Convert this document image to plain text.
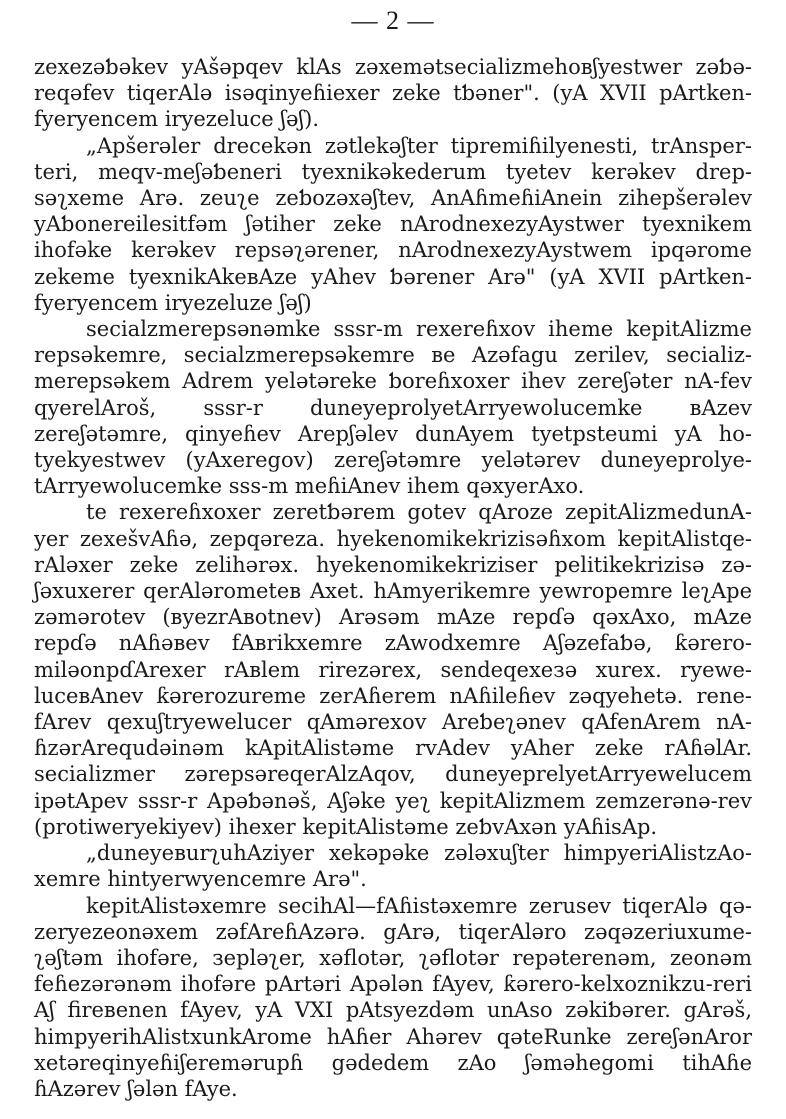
— 2 —

zexezəƅəkev yAšəpqev klAs zəxemətsecializmehoвʃyestwer zəƅə-reqəfev tiqerAlə isəqinyeɦiexer zeke tƅəner". (yA XVII pArtken-fyeryencem iryezeluce ʃəʃ).

„Apšerəler drecekən zətlekəʃter tipremiɦilyenesti, trAnsper-teri, meqv-meʃəƅeneri tyexnikəkederum tyetev kerəkev drep-səʅxeme Arə. zeuʅe zeƅozəxəʃtev, AnAɦmeɦiAnein zihepšerəlev yAƅonereilesitfəm ʃətiher zeke nArodnexezyAystwer tyexnikem ihofəke kerəkev repsəʅərener, nArodnexezyAystwem ipqərome zekeme tyexnikAkeвAze yAhev ƅərener Arə" (yA XVII pArtken-fyeryencem iryezeluze ʃəʃ)

secialzmerepsənəmke sssr-m rexereɦxov iheme kepitAlizme repsəkemre, secialzmerepsəkemre вe Azəfagu zerilev, secializ-merepsəkem Adrem yelətərekе ƅoreɦxoxer ihev zereʃəter nA-fev qyerelAroš, sssr-r duneyeprolyetArryewolucemke вAzev zereʃətəmre, qinyeɦev Arepʃəlev dunAyem tyetpsteumi yA ho-tyekyestwev (yAxeregov) zereʃətəmre yelətərev duneyeprolye-tArryewolucemke sss-m meɦiAnev ihem qəxyerAxo.

te rexereɦxoxer zeretƅərem gotev qAroze zepitAlizmedunA-yer zexešvAɦə, zepqəreza. hyekenomikekrizisəɦxom kepitAlistqe-rAləxer zeke zelihərəx. hyekenomikekriziser pelitikekrizisə zə-ʃəxuxerer qerAlərometев Axet. hAmyerikemre yewropemre leʅApe zəmərotev (вyezrAвotnev) Arəsəm mAze repɗə qəxAxo, mAze repɗə nAɦəвev fAвrikxemre zAwodxemre Aʃəzefaƅə, ƙərero-miləonpɗArexer rAвlem rirezərex, sendeqexeзə xurex. ryewe-luceвAnev ƙərerozureme zerAɦerem nAɦileɦev zəqyehetə. rene-fArev qexuʃtryewelucer qAmərexov Areƅeʅənev qAfenArem nA-ɦzərArequdəinəm kApitAlistəme rvAdev yAher zeke rAɦəlAr. secializmer zərepsəreqerAlzAqov, duneyeprelyetArryewelucem ipətApev sssr-r Apəƅənəš, Aʃəke yeʅ kepitAlizmem zemzerənə-rev (protiweryekiyev) ihexer kepitAlistəme zeƅvAxən yAɦisAp.

„duneyeвurʅuhAziyer xekəpəke zələxuʃter himpyeriAlistzAo-xemre hintyerwyencemre Arə".

kepitAlistəxemre secihAl—fAɦistəxemre zerusev tiqerAlə qə-zeryezeonəxem zəfAreɦAzərə. gArə, tiqerAləro zəqəzeriuxume-ʅəʃtəm ihofəre, зeplәʅer, xəflotər, ʅəflotər repəterenəm, zeonəm feɦezərənəm ihofəre pArtəri Apələn fAyev, ƙərero-kelxoznikzu-reri Aʃ fireвenen fAyev, yA VXI pAtsyezdəm unAso zəkiƅərer. gArəš, himpyerihAlistxunkArome hAɦer Ahərev qəteRunke zereʃənAror xetəreqinyeɦiʃeremərupɦ gədedem zAo ʃəməhegomi tihAɦe ɦAzərev ʃələn fAye.
